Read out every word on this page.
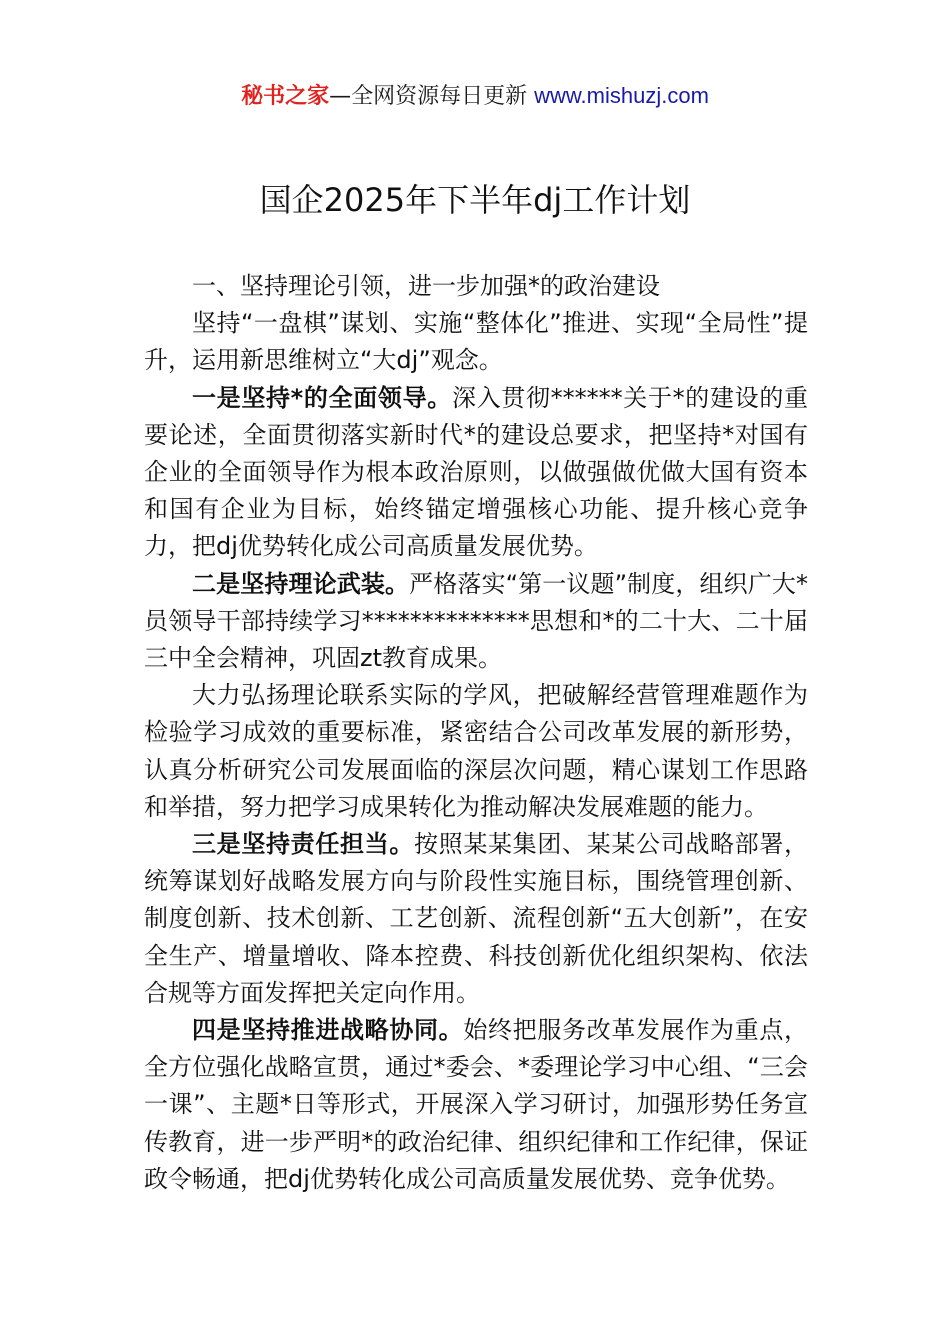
秘书之家—全网资源每日更新 www.mishuzj.com
国企2025年下半年dj工作计划

一、坚持理论引领，进一步加强*的政治建设

坚持“一盘棋”谋划、实施“整体化”推进、实现“全局性”提升，运用新思维树立“大dj”观念。

一是坚持*的全面领导。深入贯彻******关于*的建设的重要论述，全面贯彻落实新时代*的建设总要求，把坚持*对国有企业的全面领导作为根本政治原则，以做强做优做大国有资本和国有企业为目标，始终锚定增强核心功能、提升核心竞争力，把dj优势转化成公司高质量发展优势。

二是坚持理论武装。严格落实“第一议题”制度，组织广大*员领导干部持续学习**************思想和*的二十大、二十届三中全会精神，巩固zt教育成果。

大力弘扬理论联系实际的学风，把破解经营管理难题作为检验学习成效的重要标准，紧密结合公司改革发展的新形势，认真分析研究公司发展面临的深层次问题，精心谋划工作思路和举措，努力把学习成果转化为推动解决发展难题的能力。

三是坚持责任担当。按照某某集团、某某公司战略部署，统筹谋划好战略发展方向与阶段性实施目标，围绕管理创新、制度创新、技术创新、工艺创新、流程创新“五大创新”，在安全生产、增量增收、降本控费、科技创新优化组织架构、依法合规等方面发挥把关定向作用。

四是坚持推进战略协同。始终把服务改革发展作为重点，全方位强化战略宣贯，通过*委会、*委理论学习中心组、“三会一课”、主题*日等形式，开展深入学习研讨，加强形势任务宣传教育，进一步严明*的政治纪律、组织纪律和工作纪律，保证政令畅通，把dj优势转化成公司高质量发展优势、竞争优势。
